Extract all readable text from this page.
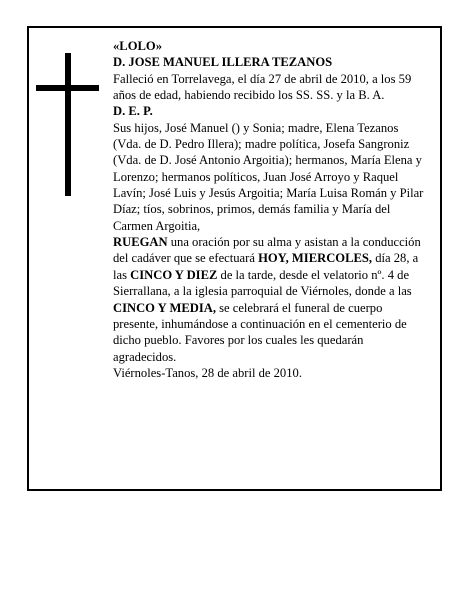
«LOLO»

D. JOSE MANUEL ILLERA TEZANOS

Falleció en Torrelavega, el día 27 de abril de 2010, a los 59 años de edad, habiendo recibido los SS. SS. y la B. A.

D. E. P.

Sus hijos, José Manuel () y Sonia; madre, Elena Tezanos (Vda. de D. Pedro Illera); madre política, Josefa Sangroniz (Vda. de D. José Antonio Argoitia); hermanos, María Elena y Lorenzo; hermanos políticos, Juan José Arroyo y Raquel Lavín; José Luis y Jesús Argoitia; María Luisa Román y Pilar Díaz; tíos, sobrinos, primos, demás familia y María del Carmen Argoitia,

RUEGAN una oración por su alma y asistan a la conducción del cadáver que se efectuará HOY, MIERCOLES, día 28, a las CINCO Y DIEZ de la tarde, desde el velatorio nº. 4 de Sierrallana, a la iglesia parroquial de Viérnoles, donde a las CINCO Y MEDIA, se celebrará el funeral de cuerpo presente, inhumándose a continuación en el cementerio de dicho pueblo. Favores por los cuales les quedarán agradecidos.

Viérnoles-Tanos, 28 de abril de 2010.
